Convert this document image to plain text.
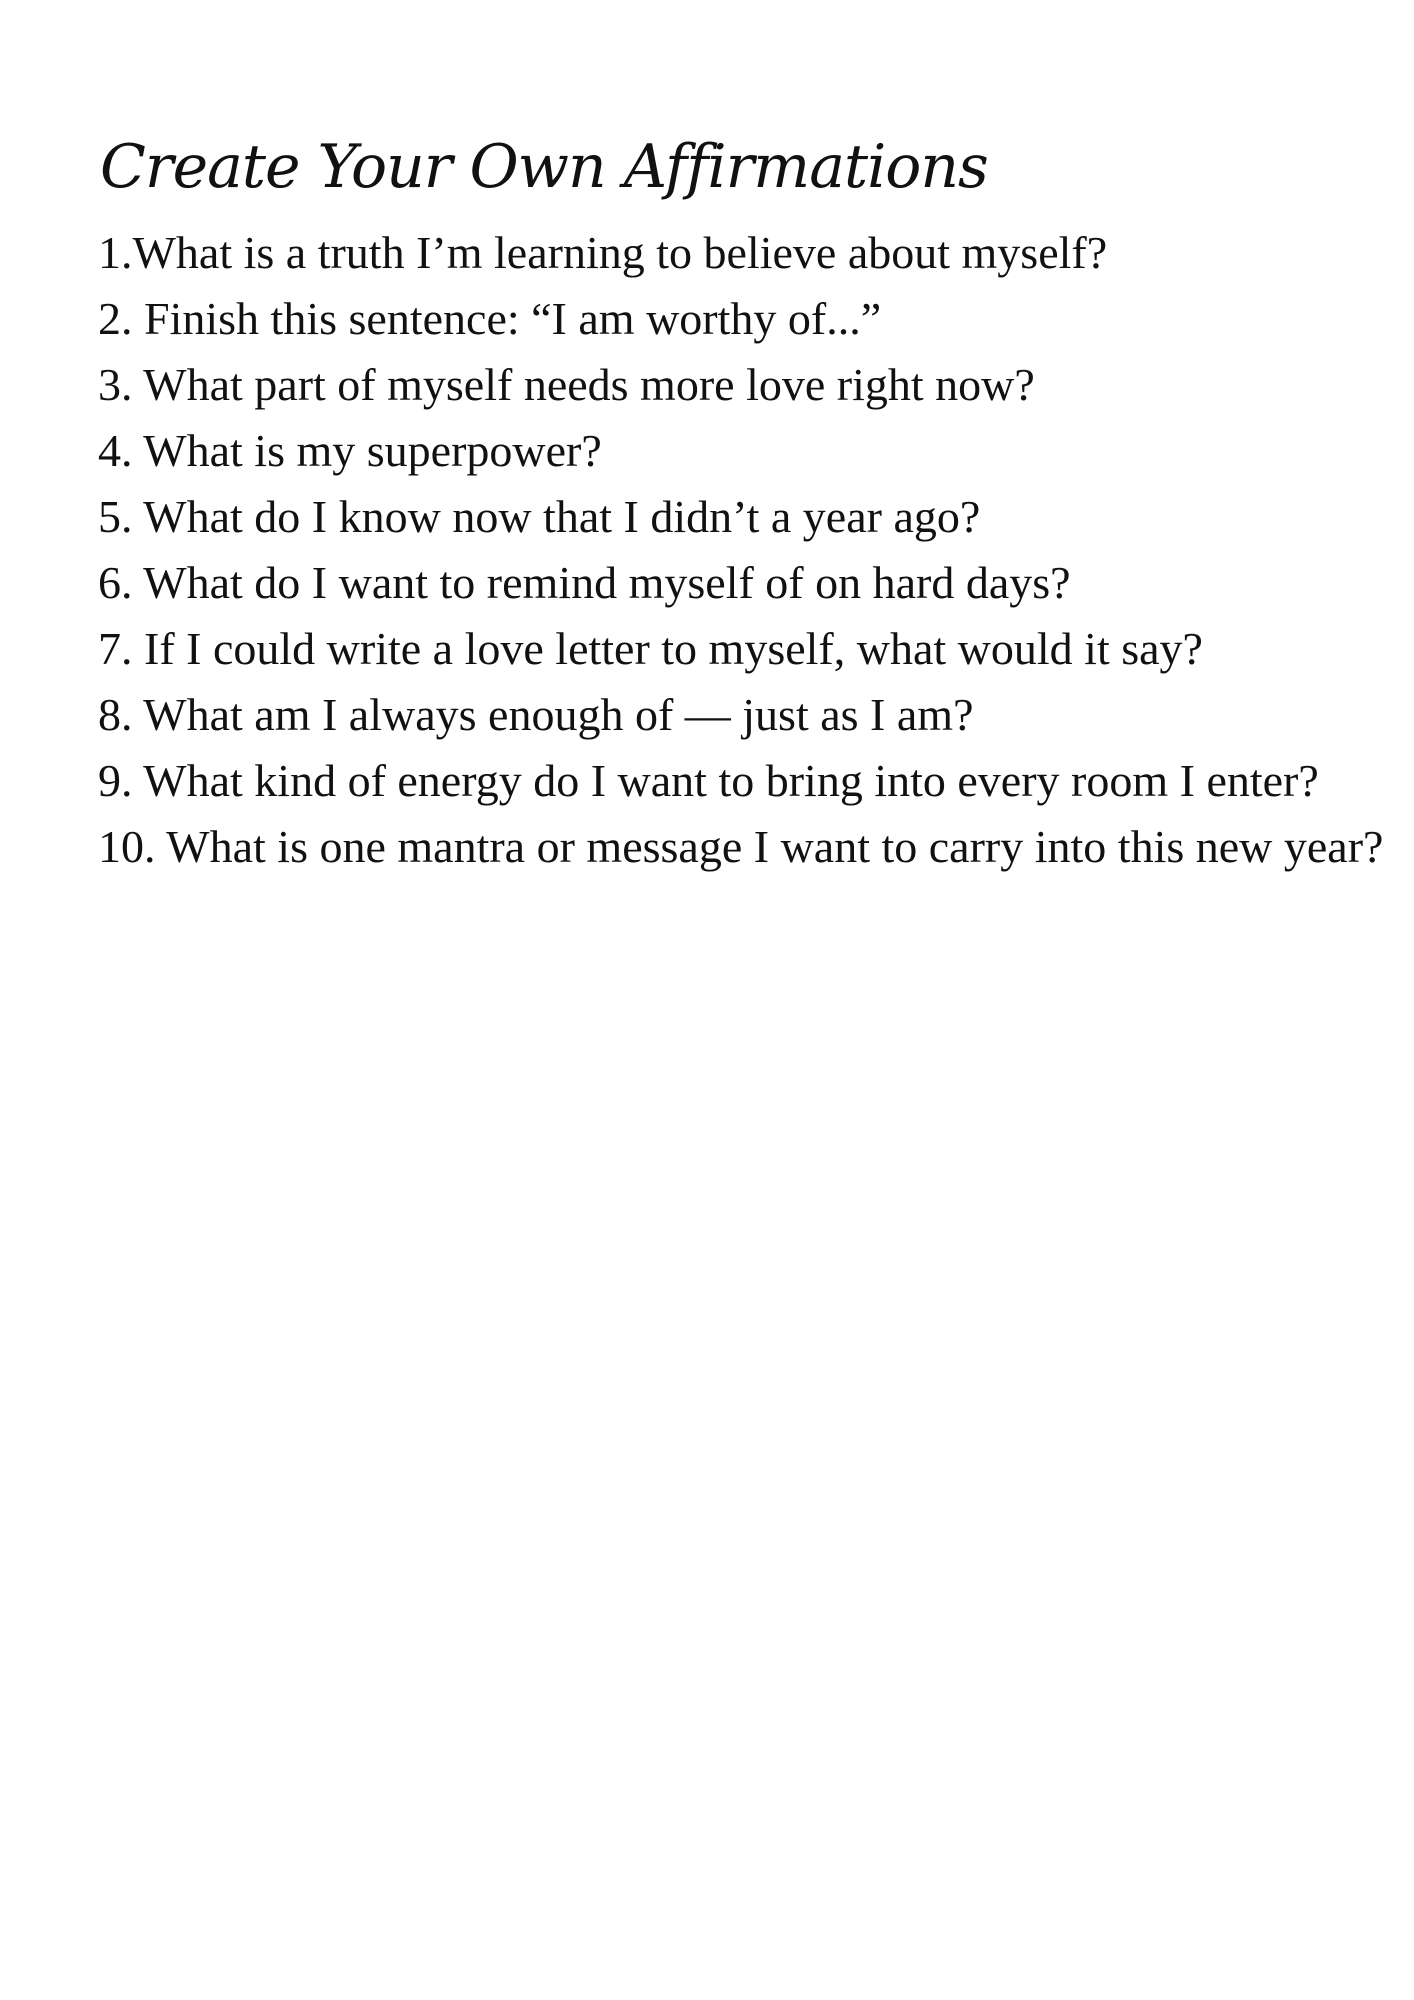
Create Your Own Affirmations
1.What is a truth I’m learning to believe about myself?
2. Finish this sentence: “I am worthy of...”
3. What part of myself needs more love right now?
4. What is my superpower?
5. What do I know now that I didn’t a year ago?
6. What do I want to remind myself of on hard days?
7. If I could write a love letter to myself, what would it say?
8. What am I always enough of — just as I am?
9. What kind of energy do I want to bring into every room I enter?
10. What is one mantra or message I want to carry into this new year?
